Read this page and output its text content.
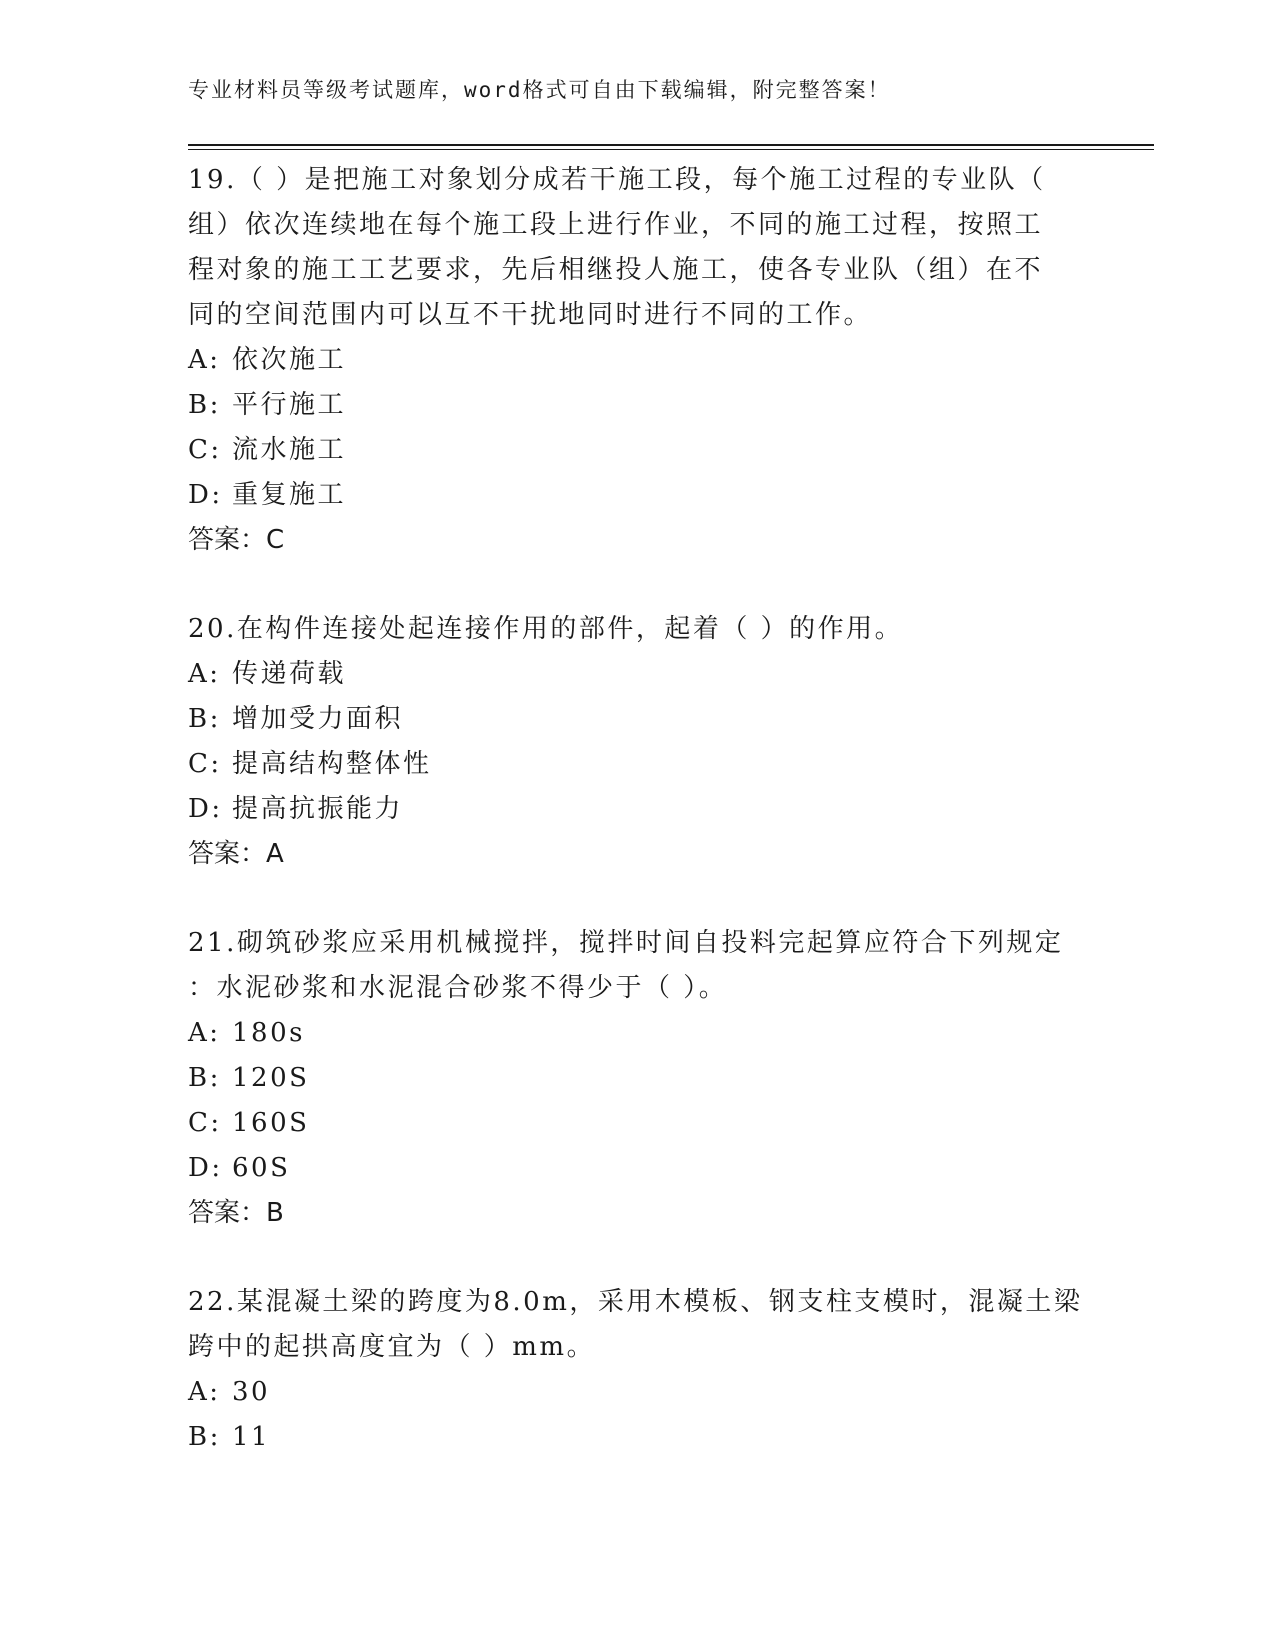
专业材料员等级考试题库，word格式可自由下载编辑，附完整答案！

19.（ ）是把施工对象划分成若干施工段，每个施工过程的专业队（

组）依次连续地在每个施工段上进行作业，不同的施工过程，按照工

程对象的施工工艺要求，先后相继投人施工，使各专业队（组）在不

同的空间范围内可以互不干扰地同时进行不同的工作。

A: 依次施工

B: 平行施工

C: 流水施工

D: 重复施工

答案：C

20.在构件连接处起连接作用的部件，起着（ ）的作用。

A: 传递荷载

B: 增加受力面积

C: 提高结构整体性

D: 提高抗振能力

答案：A

21.砌筑砂浆应采用机械搅拌，搅拌时间自投料完起算应符合下列规定

：水泥砂浆和水泥混合砂浆不得少于（ ）。

A: 180s

B: 120S

C: 160S

D: 60S

答案：B

22.某混凝土梁的跨度为8.0m，采用木模板、钢支柱支模时，混凝土梁

跨中的起拱高度宜为（ ）mm。

A: 30

B: 11
